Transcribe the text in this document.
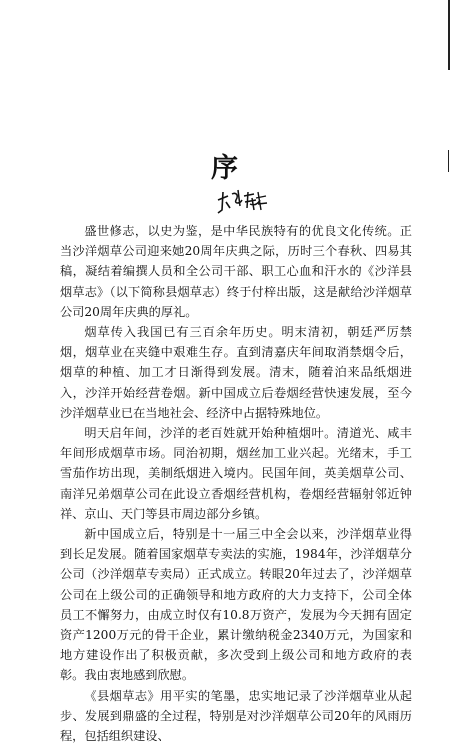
序

盛世修志，以史为鉴，是中华民族特有的优良文化传统。正当沙洋烟草公司迎来她20周年庆典之际，历时三个春秋、四易其稿，凝结着编撰人员和全公司干部、职工心血和汗水的《沙洋县烟草志》（以下简称县烟草志）终于付梓出版，这是献给沙洋烟草公司20周年庆典的厚礼。

烟草传入我国已有三百余年历史。明末清初，朝廷严厉禁烟，烟草业在夹缝中艰难生存。直到清嘉庆年间取消禁烟令后，烟草的种植、加工才日渐得到发展。清末，随着泊来品纸烟进入，沙洋开始经营卷烟。新中国成立后卷烟经营快速发展，至今沙洋烟草业已在当地社会、经济中占据特殊地位。

明天启年间，沙洋的老百姓就开始种植烟叶。清道光、咸丰年间形成烟草市场。同治初期，烟丝加工业兴起。光绪末，手工雪茄作坊出现，美制纸烟进入境内。民国年间，英美烟草公司、南洋兄弟烟草公司在此设立香烟经营机构，卷烟经营辐射邻近钟祥、京山、天门等县市周边部分乡镇。

新中国成立后，特别是十一届三中全会以来，沙洋烟草业得到长足发展。随着国家烟草专卖法的实施，1984年，沙洋烟草分公司（沙洋烟草专卖局）正式成立。转眼20年过去了，沙洋烟草公司在上级公司的正确领导和地方政府的大力支持下，公司全体员工不懈努力，由成立时仅有10.8万资产，发展为今天拥有固定资产1200万元的骨干企业，累计缴纳税金2340万元，为国家和地方建设作出了积极贡献，多次受到上级公司和地方政府的表彰。我由衷地感到欣慰。

《县烟草志》用平实的笔墨，忠实地记录了沙洋烟草业从起步、发展到鼎盛的全过程，特别是对沙洋烟草公司20年的风雨历程，包括组织建设、
